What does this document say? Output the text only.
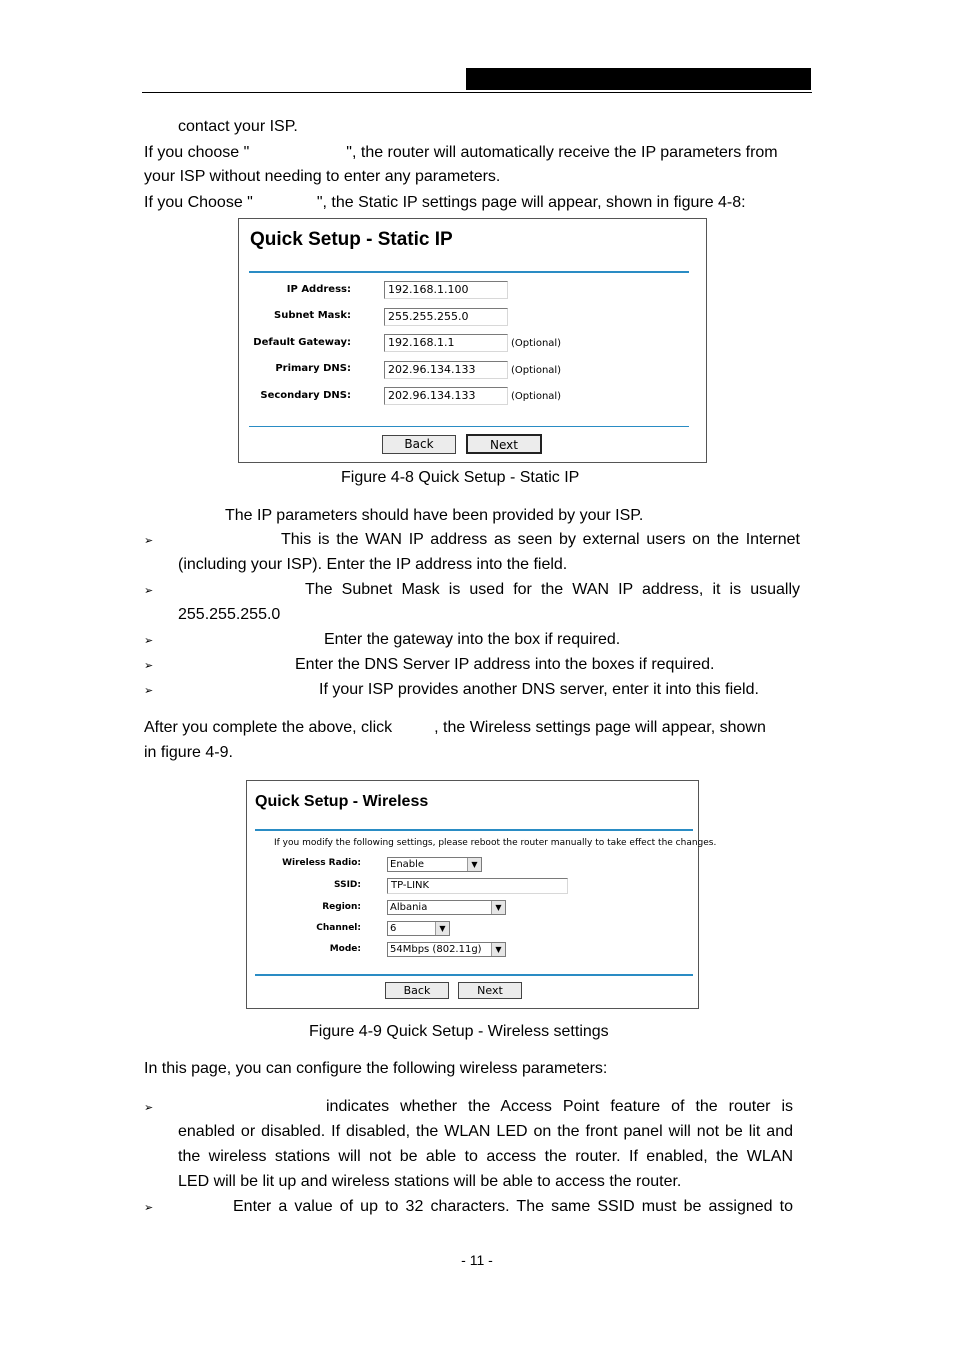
contact your ISP.
If you choose "	", the router will automatically receive the IP parameters from
your ISP without needing to enter any parameters.
If you Choose "	", the Static IP settings page will appear, shown in figure 4-8:
Quick Setup - Static IP
IP Address:	192.168.1.100
Subnet Mask:	255.255.255.0
Default Gateway:	192.168.1.1	(Optional)
Primary DNS:	202.96.134.133	(Optional)
Secondary DNS:	202.96.134.133	(Optional)
Back	Next
Figure 4-8 Quick Setup - Static IP
The IP parameters should have been provided by your ISP.
➢	This is the WAN IP address as seen by external users on the Internet
(including your ISP). Enter the IP address into the field.
➢	The Subnet Mask is used for the WAN IP address, it is usually
255.255.255.0
➢	Enter the gateway into the box if required.
➢	Enter the DNS Server IP address into the boxes if required.
➢	If your ISP provides another DNS server, enter it into this field.
After you complete the above, click	, the Wireless settings page will appear, shown
in figure 4-9.
Quick Setup - Wireless
If you modify the following settings, please reboot the router manually to take effect the changes.
Wireless Radio:	Enable	▼
SSID:	TP-LINK
Region:	Albania	▼
Channel:	6	▼
Mode:	54Mbps (802.11g)	▼
Back	Next
Figure 4-9 Quick Setup - Wireless settings
In this page, you can configure the following wireless parameters:
➢	indicates whether the Access Point feature of the router is
enabled or disabled. If disabled, the WLAN LED on the front panel will not be lit and
the wireless stations will not be able to access the router. If enabled, the WLAN
LED will be lit up and wireless stations will be able to access the router.
➢	Enter a value of up to 32 characters. The same SSID must be assigned to
- 11 -
